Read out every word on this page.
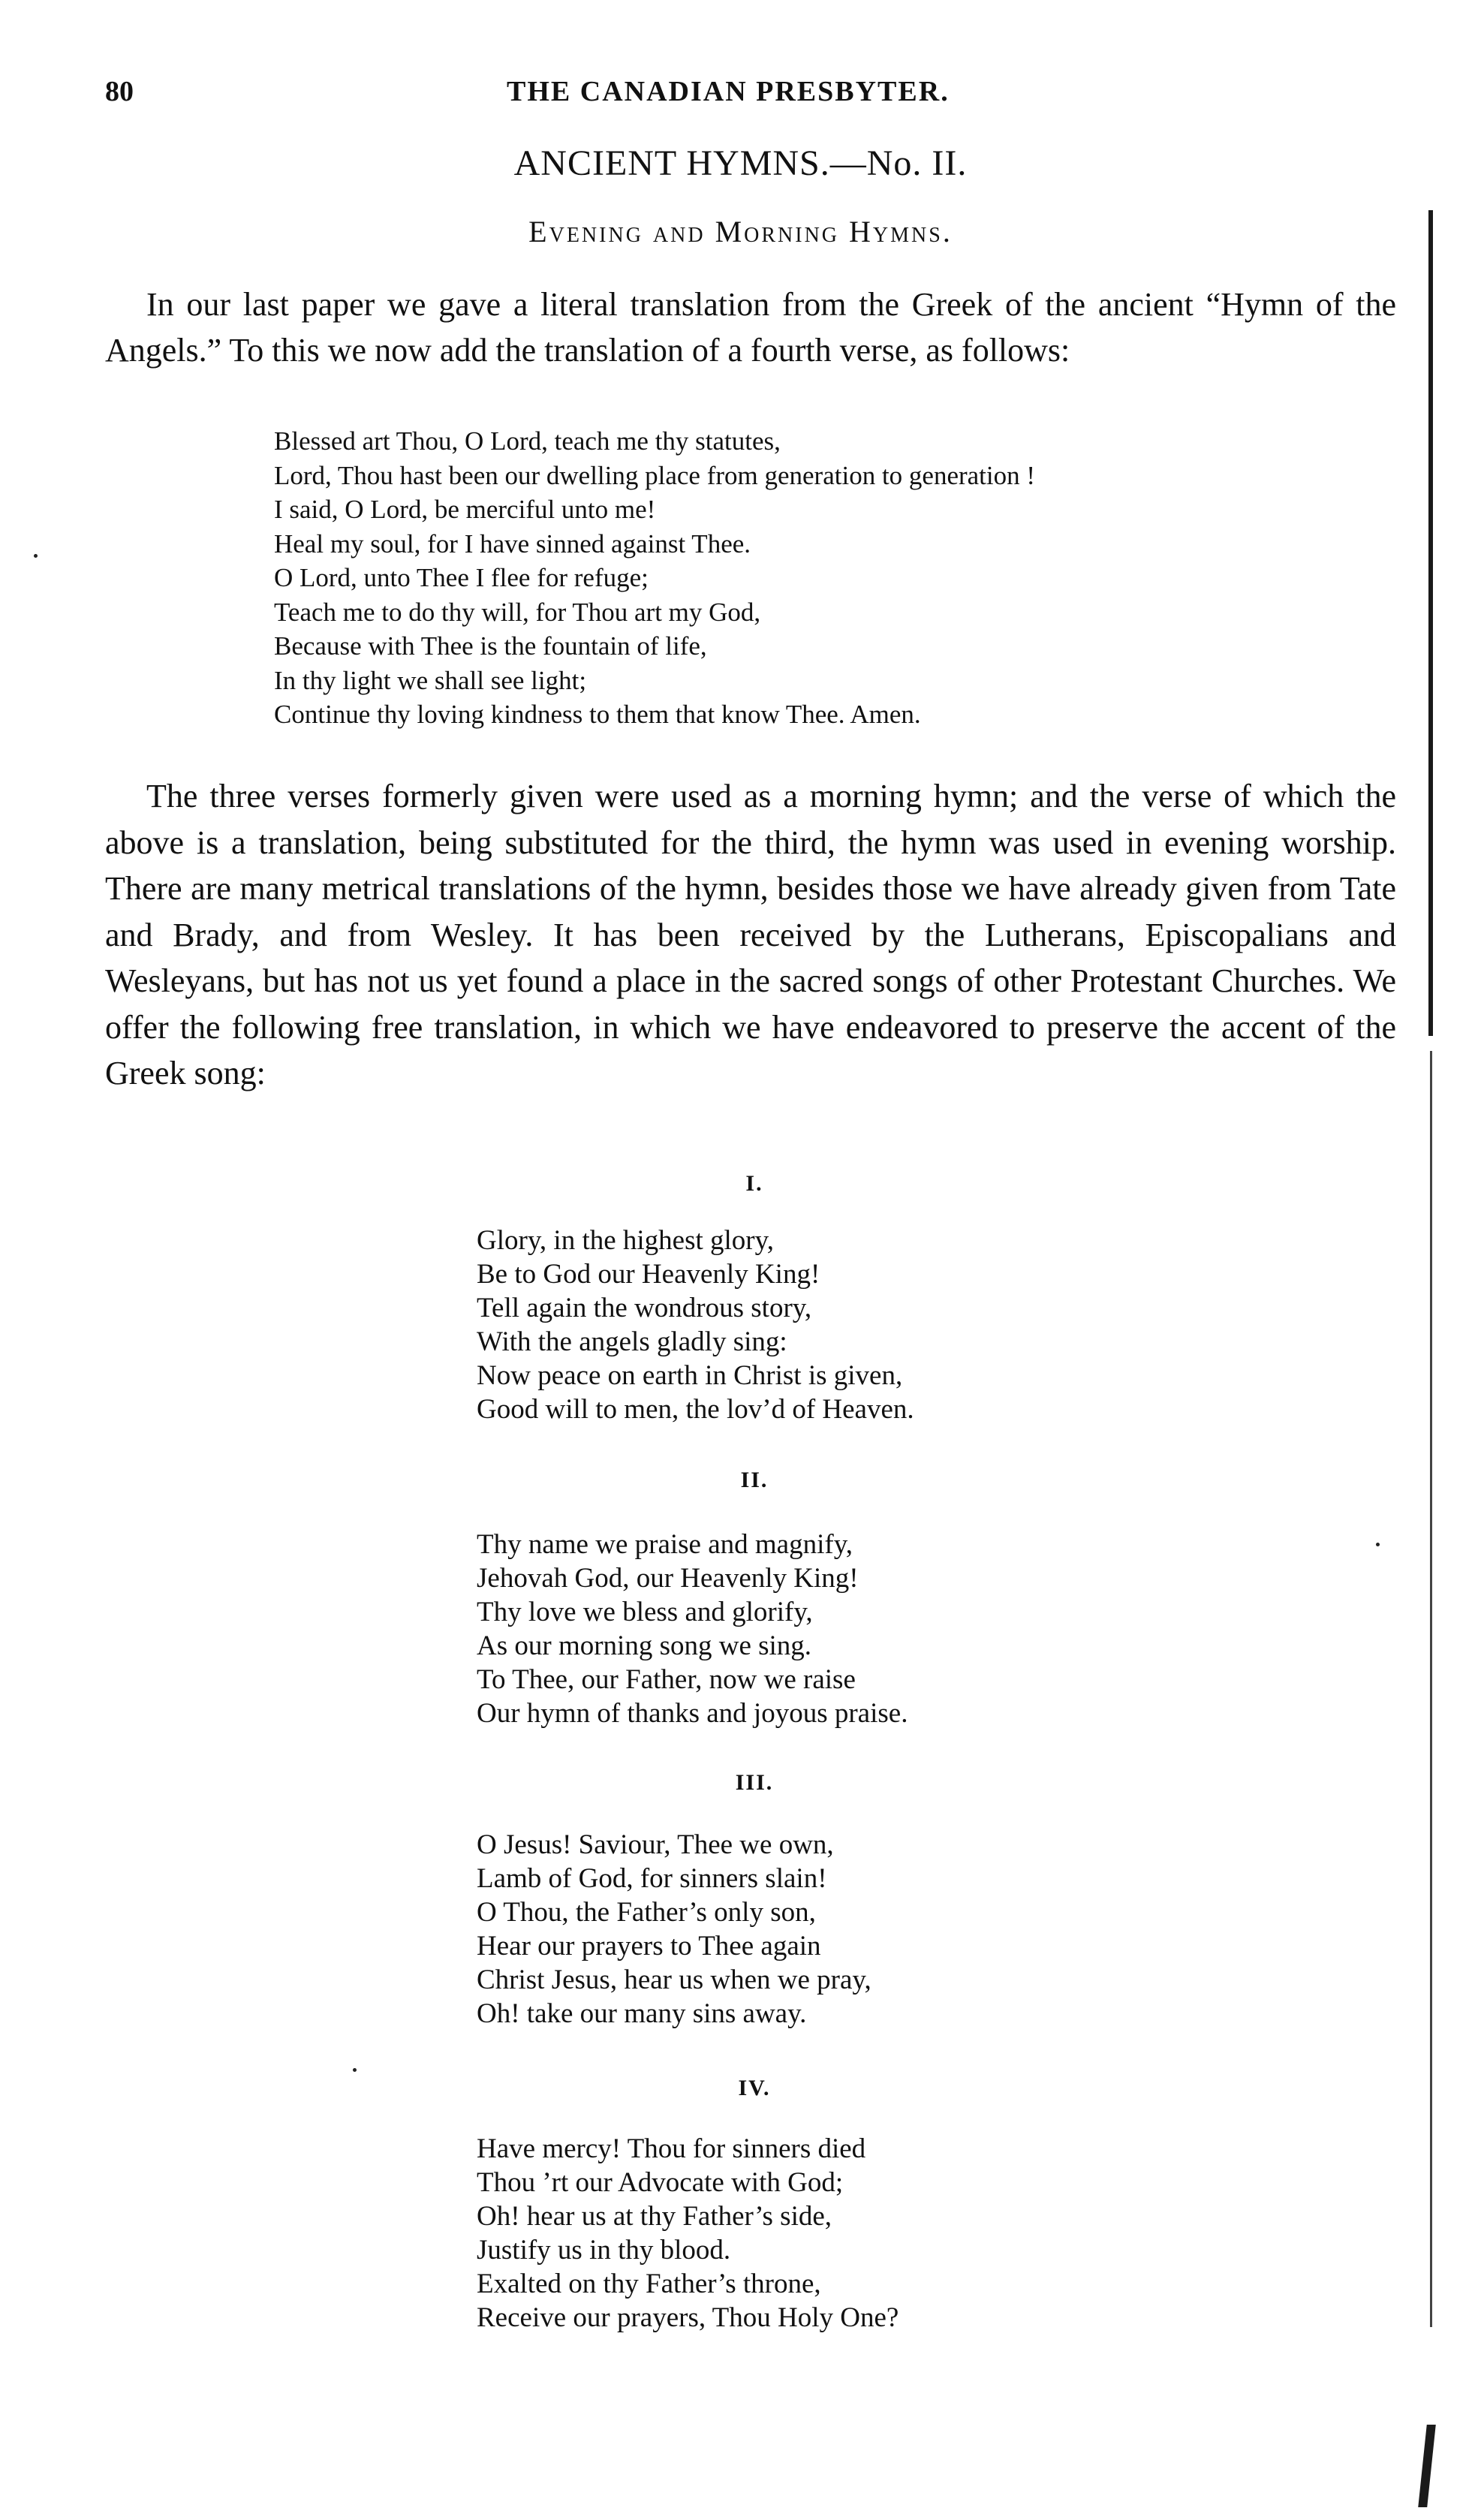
80	THE CANADIAN PRESBYTER.
ANCIENT HYMNS.—No. II.
Evening and Morning Hymns.

In our last paper we gave a literal translation from the Greek of the ancient “Hymn of the Angels.” To this we now add the translation of a fourth verse, as follows:

Blessed art Thou, O Lord, teach me thy statutes,
Lord, Thou hast been our dwelling place from generation to generation !
I said, O Lord, be merciful unto me!
Heal my soul, for I have sinned against Thee.
O Lord, unto Thee I flee for refuge;
Teach me to do thy will, for Thou art my God,
Because with Thee is the fountain of life,
In thy light we shall see light;
Continue thy loving kindness to them that know Thee. Amen.

The three verses formerly given were used as a morning hymn; and the verse of which the above is a translation, being substituted for the third, the hymn was used in evening worship. There are many metrical translations of the hymn, besides those we have already given from Tate and Brady, and from Wesley. It has been received by the Lutherans, Episcopalians and Wesleyans, but has not us yet found a place in the sacred songs of other Protestant Churches. We offer the following free translation, in which we have endeavored to preserve the accent of the Greek song:

I.
Glory, in the highest glory,
Be to God our Heavenly King!
Tell again the wondrous story,
With the angels gladly sing:
Now peace on earth in Christ is given,
Good will to men, the lov’d of Heaven.
II.
Thy name we praise and magnify,
Jehovah God, our Heavenly King!
Thy love we bless and glorify,
As our morning song we sing.
To Thee, our Father, now we raise
Our hymn of thanks and joyous praise.
III.
O Jesus! Saviour, Thee we own,
Lamb of God, for sinners slain!
O Thou, the Father’s only son,
Hear our prayers to Thee again
Christ Jesus, hear us when we pray,
Oh! take our many sins away.
IV.
Have mercy! Thou for sinners died
Thou ’rt our Advocate with God;
Oh! hear us at thy Father’s side,
Justify us in thy blood.
Exalted on thy Father’s throne,
Receive our prayers, Thou Holy One?
